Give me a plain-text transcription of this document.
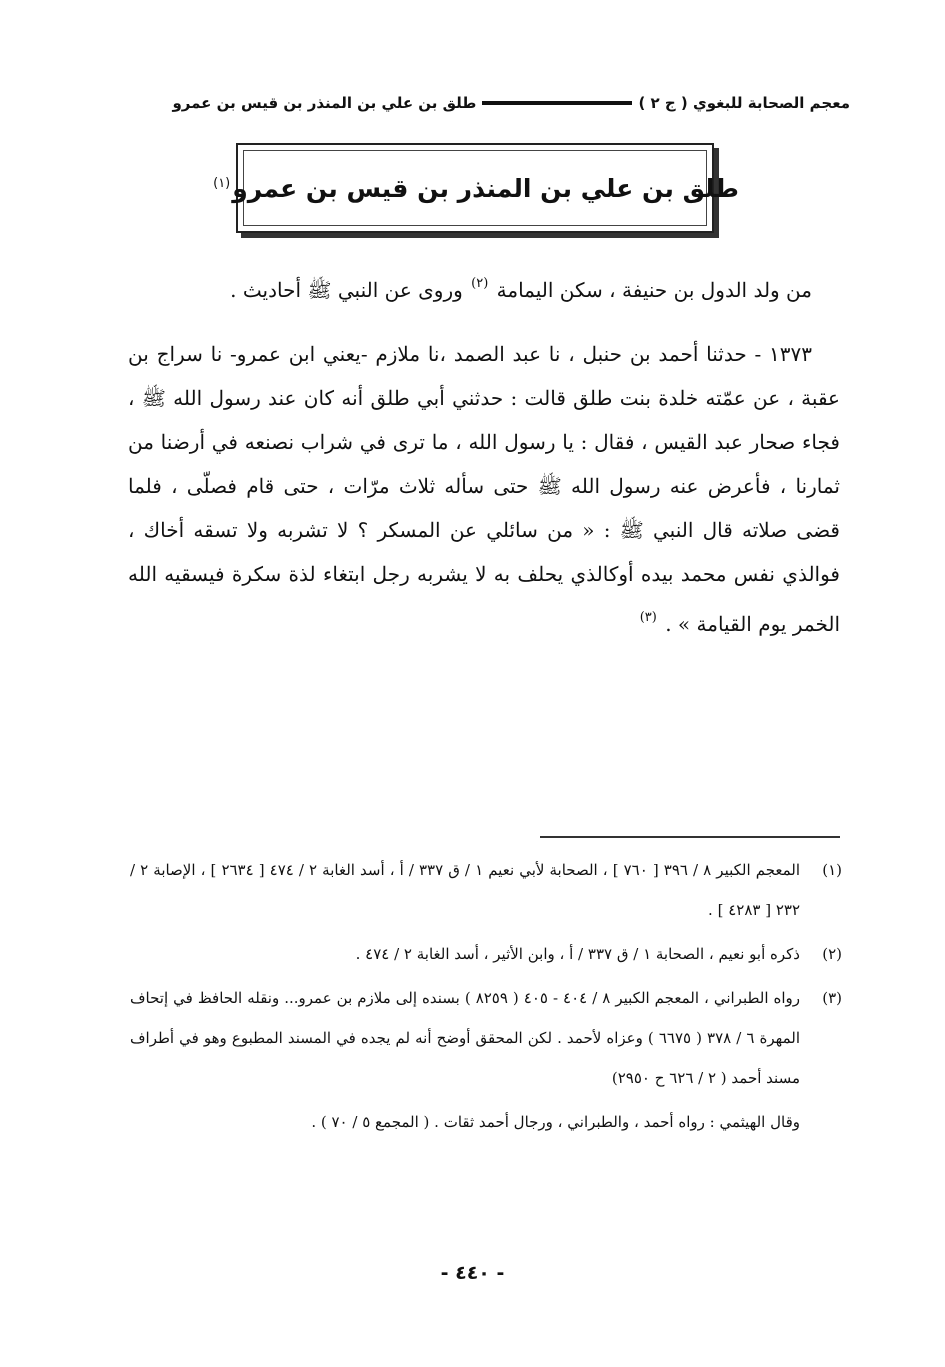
معجم الصحابة للبغوي ( ج ٢ )
طلق بن علي بن المنذر بن قيس بن عمرو
طلق بن علي بن المنذر بن قيس بن عمرو$^{(١)}$

من ولد الدول بن حنيفة ، سكن اليمامة $^{(٢)}$ وروى عن النبي ﷺ أحاديث .

١٣٧٣ - حدثنا أحمد بن حنبل ، نا عبد الصمد ،نا ملازم -يعني ابن عمرو- نا سراج بن عقبة ، عن عمّته خلدة بنت طلق قالت : حدثني أبي طلق أنه كان عند رسول الله ﷺ ، فجاء صحار عبد القيس ، فقال : يا رسول الله ، ما ترى في شراب نصنعه في أرضنا من ثمارنا ، فأعرض عنه رسول الله ﷺ حتى سأله ثلاث مرّات ، حتى قام فصلّى ، فلما قضى صلاته قال النبي ﷺ : « من سائلي عن المسكر ؟ لا تشربه ولا تسقه أخاك ، فوالذي نفس محمد بيده أوكالذي يحلف به لا يشربه رجل ابتغاء لذة سكرة فيسقيه الله الخمر يوم القيامة » . $^{(٣)}$

(١)
المعجم الكبير ٨ / ٣٩٦ [ ٧٦٠ ] ، الصحابة لأبي نعيم ١ / ق ٣٣٧ / أ ، أسد الغابة ٢ / ٤٧٤ [ ٢٦٣٤ ] ، الإصابة ٢ / ٢٣٢ [ ٤٢٨٣ ] .
(٢)
ذكره أبو نعيم ، الصحابة ١ / ق ٣٣٧ / أ ، وابن الأثير ، أسد الغابة ٢ / ٤٧٤ .
(٣)
رواه الطبراني ، المعجم الكبير ٨ / ٤٠٤ - ٤٠٥ ( ٨٢٥٩ ) بسنده إلى ملازم بن عمرو... ونقله الحافظ في إتحاف المهرة ٦ / ٣٧٨ ( ٦٦٧٥ ) وعزاه لأحمد . لكن المحقق أوضح أنه لم يجده في المسند المطبوع وهو في أطراف مسند أحمد ( ٢ / ٦٢٦ ح ٢٩٥٠)
وقال الهيثمي : رواه أحمد ، والطبراني ، ورجال أحمد ثقات . ( المجمع ٥ / ٧٠ ) .
- ٤٤٠ -
